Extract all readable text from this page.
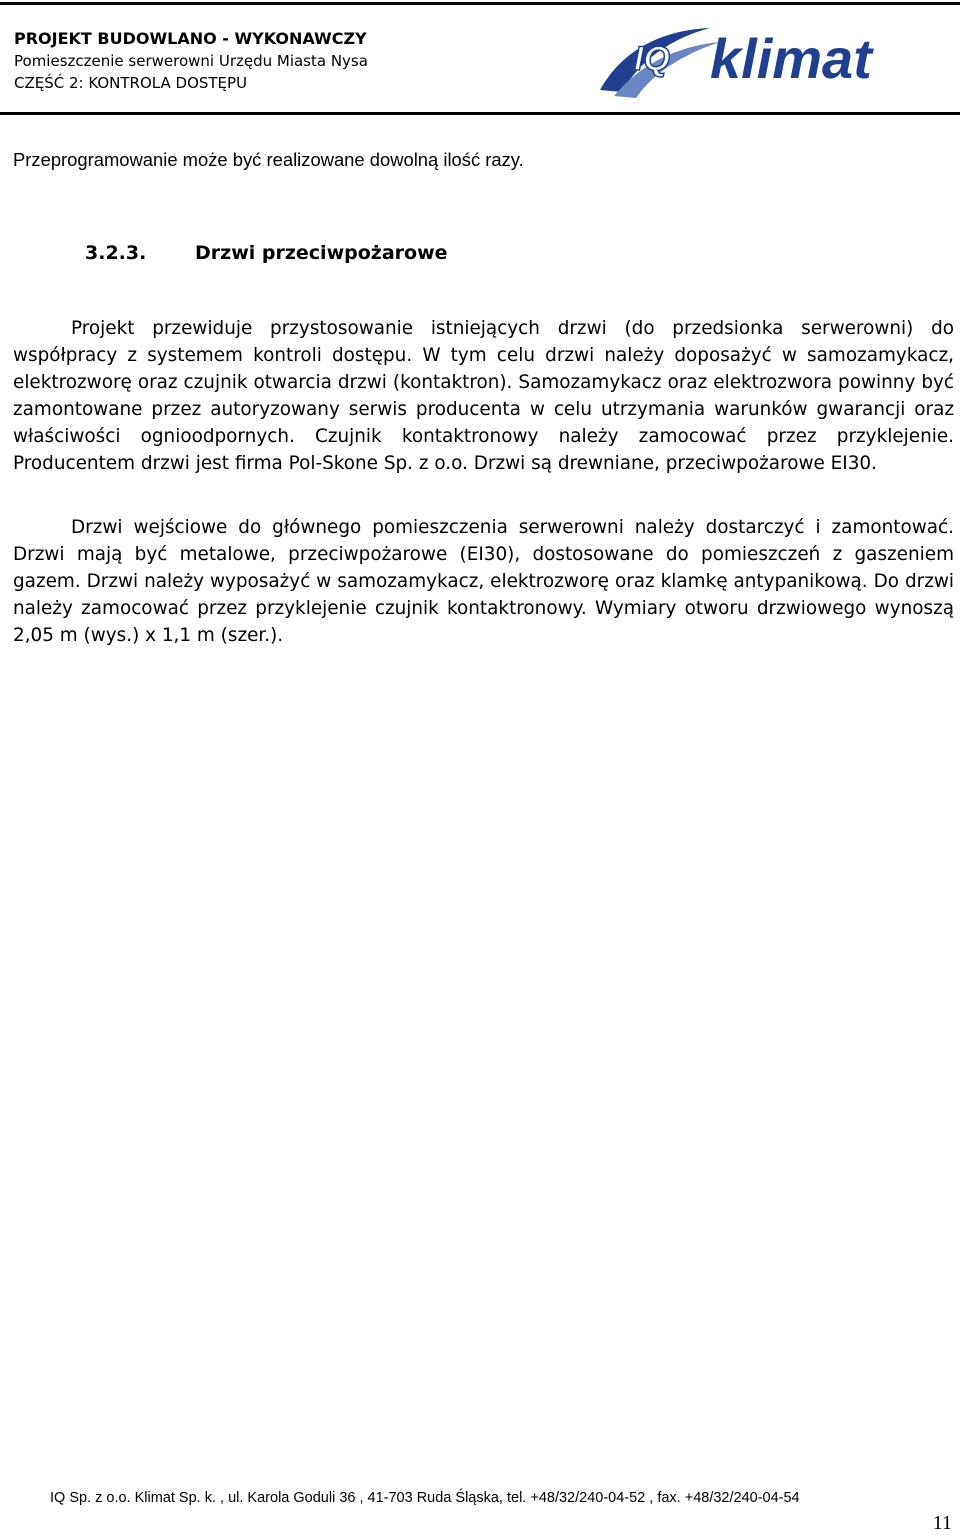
PROJEKT BUDOWLANO - WYKONAWCZY
Pomieszczenie serwerowni Urzędu Miasta Nysa
CZĘŚĆ 2: KONTROLA DOSTĘPU
IQ klimat

Przeprogramowanie może być realizowane dowolną ilość razy.

3.2.3.	Drzwi przeciwpożarowe

Projekt przewiduje przystosowanie istniejących drzwi (do przedsionka serwerowni) do współpracy z systemem kontroli dostępu. W tym celu drzwi należy doposażyć w samozamykacz, elektrozworę oraz czujnik otwarcia drzwi (kontaktron). Samozamykacz oraz elektrozwora powinny być zamontowane przez autoryzowany serwis producenta w celu utrzymania warunków gwarancji oraz właściwości ognioodpornych. Czujnik kontaktronowy należy zamocować przez przyklejenie. Producentem drzwi jest firma Pol-Skone Sp. z o.o. Drzwi są drewniane, przeciwpożarowe EI30.

Drzwi wejściowe do głównego pomieszczenia serwerowni należy dostarczyć i zamontować. Drzwi mają być metalowe, przeciwpożarowe (EI30), dostosowane do pomieszczeń z gaszeniem gazem. Drzwi należy wyposażyć w samozamykacz, elektrozworę oraz klamkę antypanikową. Do drzwi należy zamocować przez przyklejenie czujnik kontaktronowy. Wymiary otworu drzwiowego wynoszą 2,05 m (wys.) x 1,1 m (szer.).

IQ Sp. z o.o. Klimat Sp. k. , ul. Karola Goduli 36 , 41-703 Ruda Śląska, tel. +48/32/240-04-52 , fax. +48/32/240-04-54
11
